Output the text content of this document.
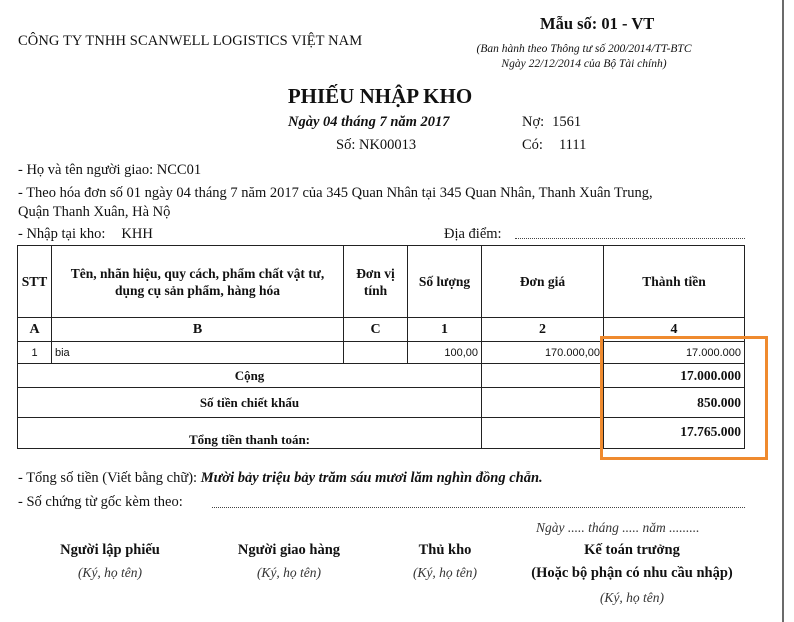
CÔNG TY TNHH SCANWELL LOGISTICS VIỆT NAM
Mẫu số: 01 - VT
(Ban hành theo Thông tư số 200/2014/TT-BTC
Ngày 22/12/2014 của Bộ Tài chính)
PHIẾU NHẬP KHO
Ngày 04 tháng 7 năm 2017
Số: NK00013
Nợ: 1561
Có: 1111
- Họ và tên người giao: NCC01
- Theo hóa đơn số 01 ngày 04 tháng 7 năm 2017 của 345 Quan Nhân tại 345 Quan Nhân, Thanh Xuân Trung,
Quận Thanh Xuân, Hà Nộ
- Nhập tại kho: KHH	Địa điểm:
STT	Tên, nhãn hiệu, quy cách, phẩm chất vật tư, dụng cụ sản phẩm, hàng hóa	Đơn vị tính	Số lượng	Đơn giá	Thành tiền
A	B	C	1	2	4
1	bia		100,00	170.000,00	17.000.000
Cộng					17.000.000
Số tiền chiết khấu					850.000
Tổng tiền thanh toán:					17.765.000
- Tổng số tiền (Viết bằng chữ): Mười bảy triệu bảy trăm sáu mươi lăm nghìn đồng chẵn.
- Số chứng từ gốc kèm theo:
Ngày ..... tháng ..... năm .........
Người lập phiếu
(Ký, họ tên)
Người giao hàng
(Ký, họ tên)
Thủ kho
(Ký, họ tên)
Kế toán trưởng
(Hoặc bộ phận có nhu cầu nhập)
(Ký, họ tên)
